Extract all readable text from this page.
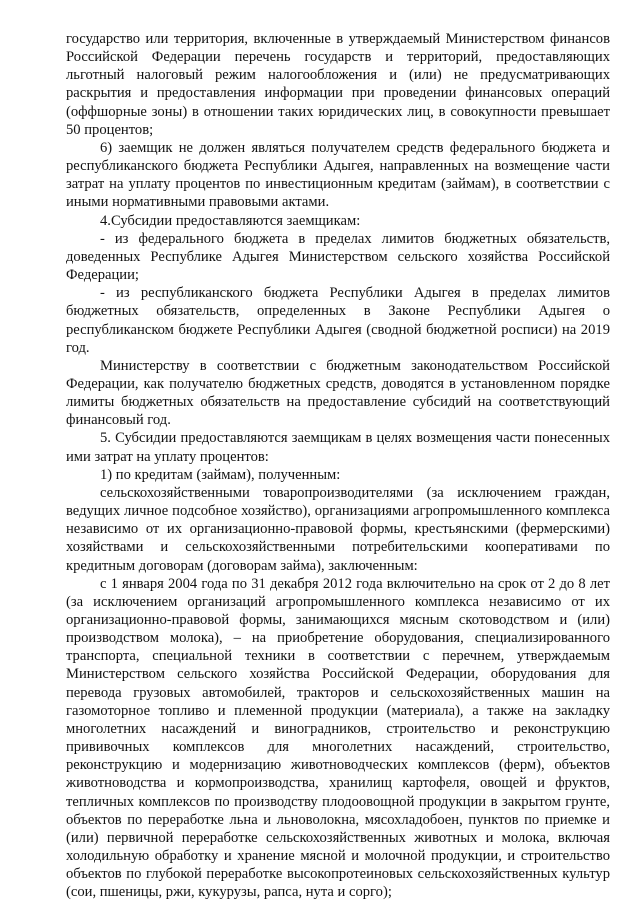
государство или территория, включенные в утверждаемый Министерством финансов Российской Федерации перечень государств и территорий, предоставляющих льготный налоговый режим налогообложения и (или) не предусматривающих раскрытия и предоставления информации при проведении финансовых операций (оффшорные зоны) в отношении таких юридических лиц, в совокупности превышает 50 процентов;

6) заемщик не должен являться получателем средств федерального бюджета и республиканского бюджета Республики Адыгея, направленных на возмещение части затрат на уплату процентов по инвестиционным кредитам (займам), в соответствии с иными нормативными правовыми актами.

4.Субсидии предоставляются заемщикам:

- из федерального бюджета в пределах лимитов бюджетных обязательств, доведенных Республике Адыгея Министерством сельского хозяйства Российской Федерации;

- из республиканского бюджета Республики Адыгея в пределах лимитов бюджетных обязательств, определенных в Законе Республики Адыгея о республиканском бюджете Республики Адыгея (сводной бюджетной росписи) на 2019 год.

Министерству в соответствии с бюджетным законодательством Российской Федерации, как получателю бюджетных средств, доводятся в установленном порядке лимиты бюджетных обязательств на предоставление субсидий на соответствующий финансовый год.

5. Субсидии предоставляются заемщикам в целях возмещения части понесенных ими затрат на уплату процентов:

1) по кредитам (займам), полученным:

сельскохозяйственными товаропроизводителями (за исключением граждан, ведущих личное подсобное хозяйство), организациями агропромышленного комплекса независимо от их организационно-правовой формы, крестьянскими (фермерскими) хозяйствами и сельскохозяйственными потребительскими кооперативами по кредитным договорам (договорам займа), заключенным:

с 1 января 2004 года по 31 декабря 2012 года включительно на срок от 2 до 8 лет (за исключением организаций агропромышленного комплекса независимо от их организационно-правовой формы, занимающихся мясным скотоводством и (или) производством молока), – на приобретение оборудования, специализированного транспорта, специальной техники в соответствии с перечнем, утверждаемым Министерством сельского хозяйства Российской Федерации, оборудования для перевода грузовых автомобилей, тракторов и сельскохозяйственных машин на газомоторное топливо и племенной продукции (материала), а также на закладку многолетних насаждений и виноградников, строительство и реконструкцию прививочных комплексов для многолетних насаждений, строительство, реконструкцию и модернизацию животноводческих комплексов (ферм), объектов животноводства и кормопроизводства, хранилищ картофеля, овощей и фруктов, тепличных комплексов по производству плодоовощной продукции в закрытом грунте, объектов по переработке льна и льноволокна, мясохладобоен, пунктов по приемке и (или) первичной переработке сельскохозяйственных животных и молока, включая холодильную обработку и хранение мясной и молочной продукции, и строительство объектов по глубокой переработке высокопротеиновых сельскохозяйственных культур (сои, пшеницы, ржи, кукурузы, рапса, нута и сорго);
